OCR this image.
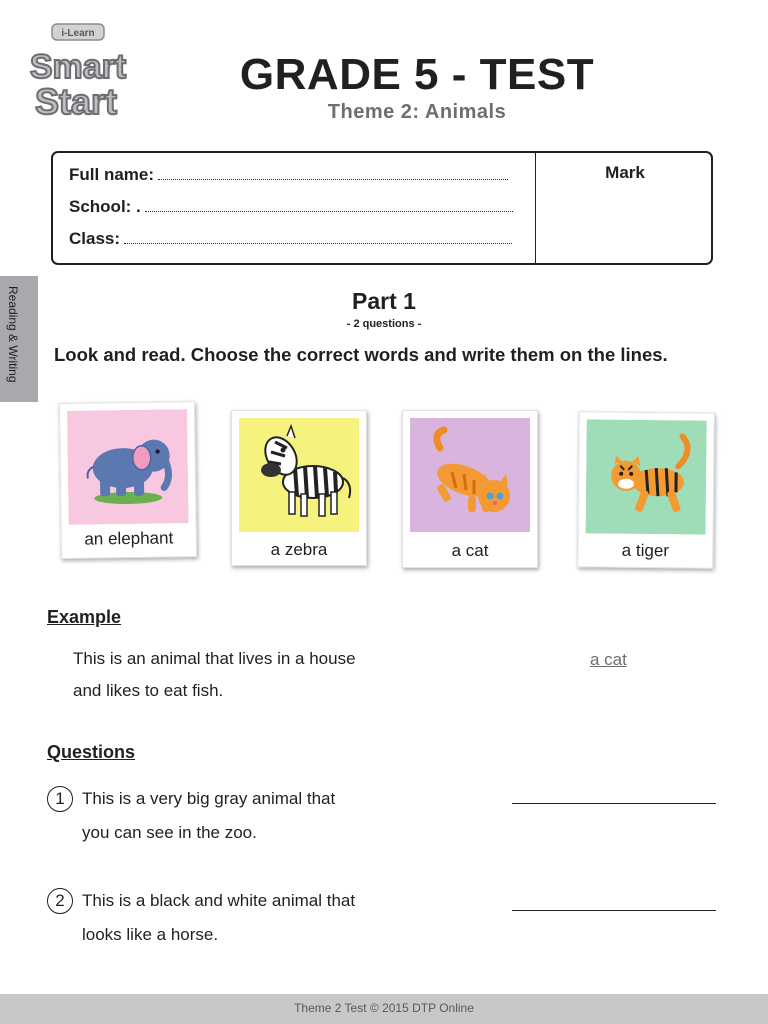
i-Learn
Smart
Start
GRADE 5 - TEST
Theme 2: Animals
Full name:
School: .
Class:
Mark
Reading & Writing	Part 1
- 2 questions -
Look and read. Choose the correct words and write them on the lines.
an elephant
a zebra	a cat	a tiger
Example
This is an animal that lives in a house
and likes to eat fish.
a cat
Questions
1	This is a very big gray animal that
you can see in the zoo.
2	This is a black and white animal that
looks like a horse.
Theme 2 Test © 2015 DTP Online
